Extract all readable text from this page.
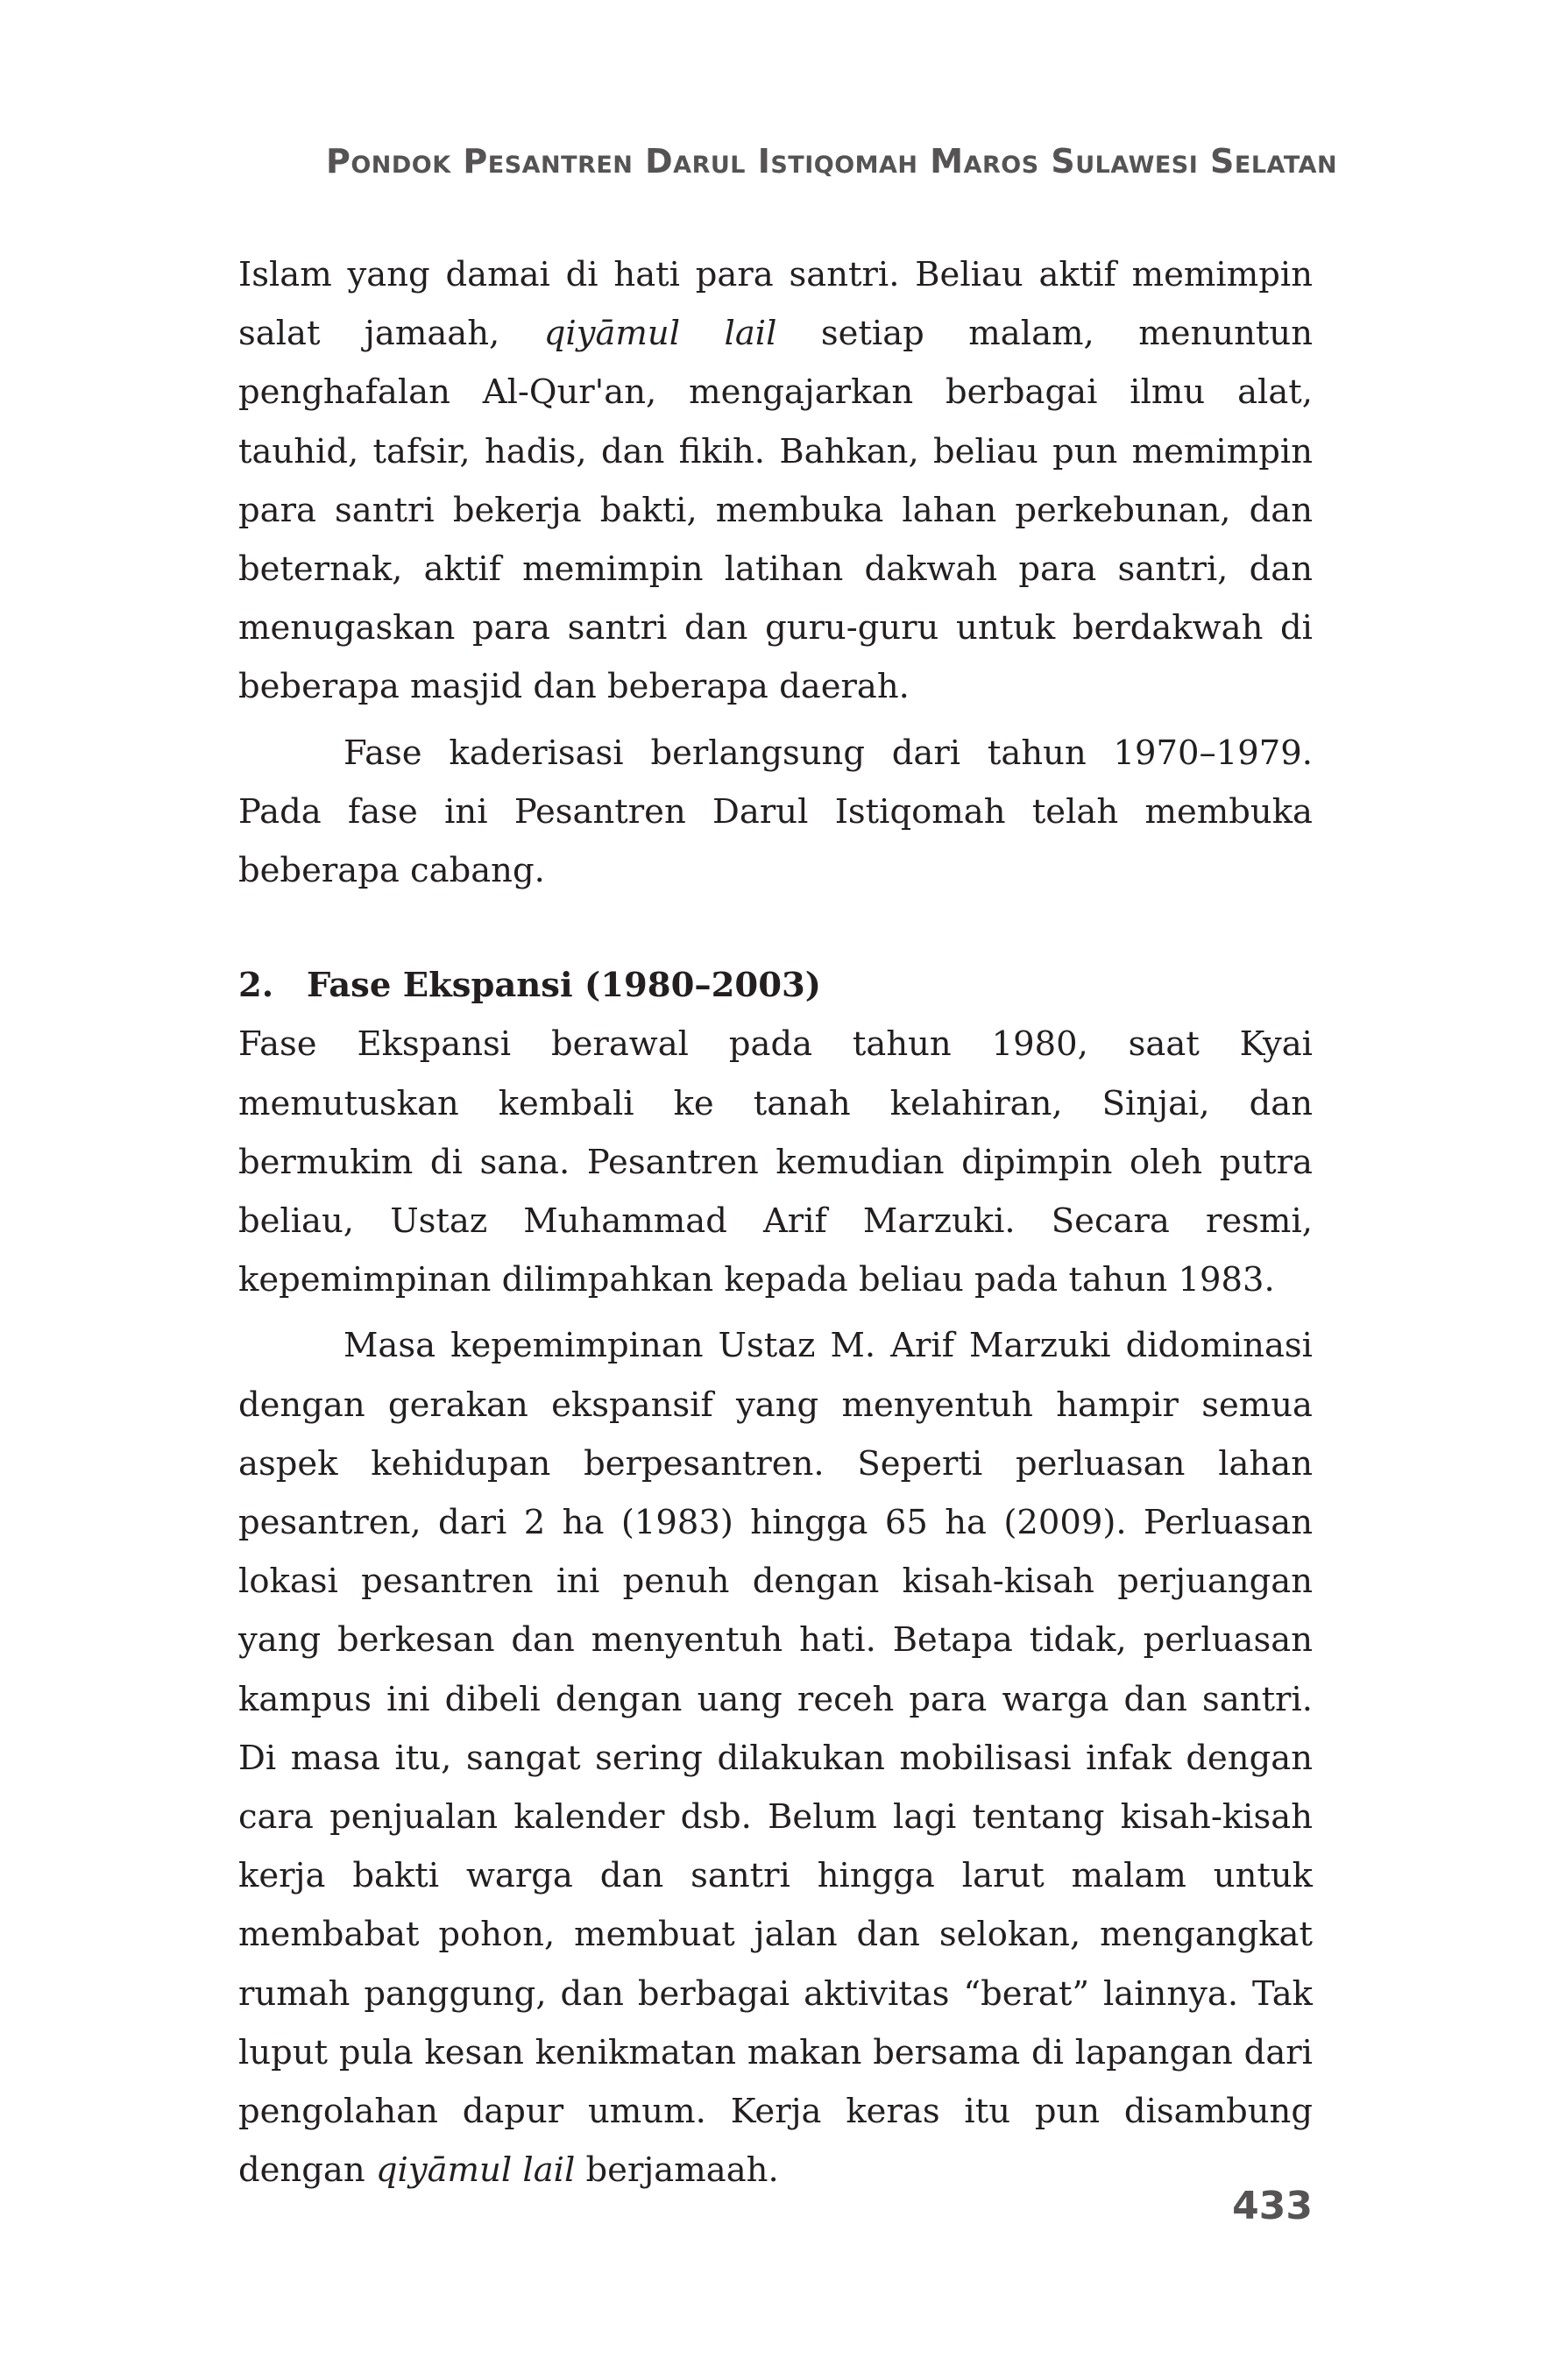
Pondok Pesantren Darul Istiqomah Maros Sulawesi Selatan

Islam yang damai di hati para santri. Beliau aktif memimpin salat jamaah, qiyāmul lail setiap malam, menuntun penghafalan Al-Qur'an, mengajarkan berbagai ilmu alat, tauhid, tafsir, hadis, dan fikih. Bahkan, beliau pun memimpin para santri bekerja bakti, membuka lahan perkebunan, dan beternak, aktif memimpin latihan dakwah para santri, dan menugaskan para santri dan guru-guru untuk berdakwah di beberapa masjid dan beberapa daerah.

Fase kaderisasi berlangsung dari tahun 1970–1979. Pada fase ini Pesantren Darul Istiqomah telah membuka beberapa cabang.

2. Fase Ekspansi (1980–2003)

Fase Ekspansi berawal pada tahun 1980, saat Kyai memutuskan kembali ke tanah kelahiran, Sinjai, dan bermukim di sana. Pesantren kemudian dipimpin oleh putra beliau, Ustaz Muhammad Arif Marzuki. Secara resmi, kepemimpinan dilimpahkan kepada beliau pada tahun 1983.

Masa kepemimpinan Ustaz M. Arif Marzuki didominasi dengan gerakan ekspansif yang menyentuh hampir semua aspek kehidupan berpesantren. Seperti perluasan lahan pesantren, dari 2 ha (1983) hingga 65 ha (2009). Perluasan lokasi pesantren ini penuh dengan kisah-kisah perjuangan yang berkesan dan menyentuh hati. Betapa tidak, perluasan kampus ini dibeli dengan uang receh para warga dan santri. Di masa itu, sangat sering dilakukan mobilisasi infak dengan cara penjualan kalender dsb. Belum lagi tentang kisah-kisah kerja bakti warga dan santri hingga larut malam untuk membabat pohon, membuat jalan dan selokan, mengangkat rumah panggung, dan berbagai aktivitas “berat” lainnya. Tak luput pula kesan kenikmatan makan bersama di lapangan dari pengolahan dapur umum. Kerja keras itu pun disambung dengan qiyāmul lail berjamaah.

433
